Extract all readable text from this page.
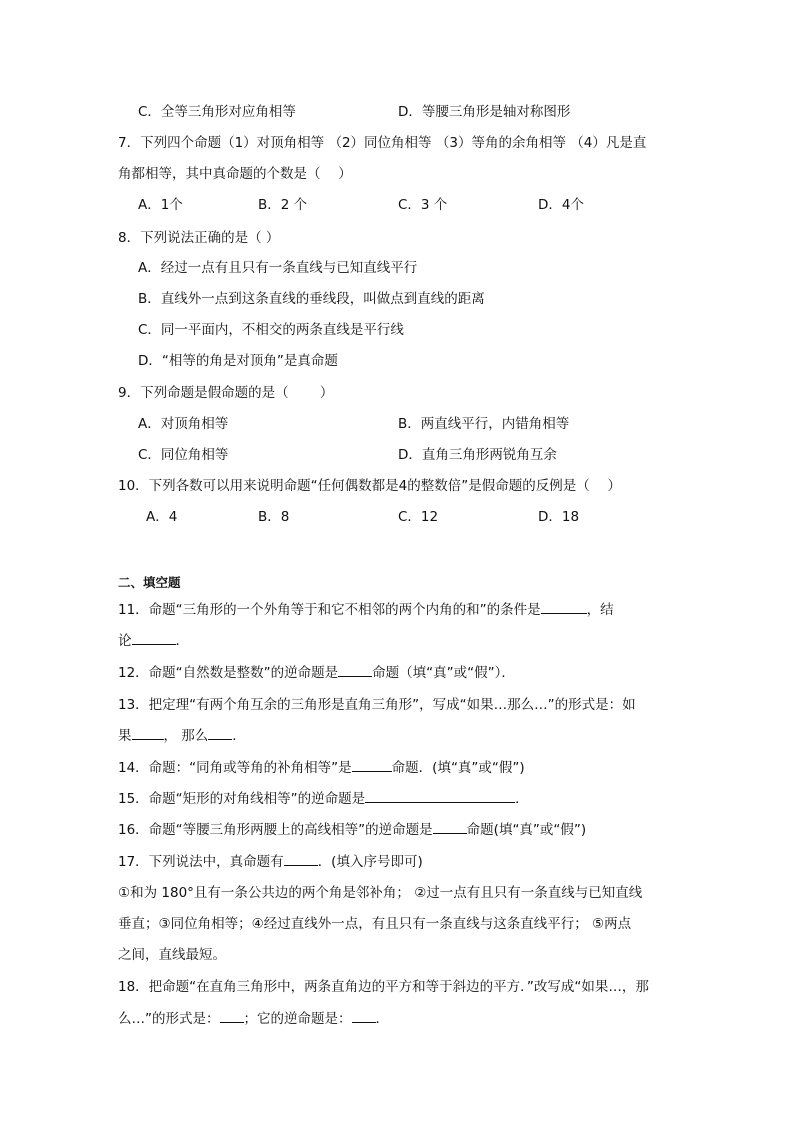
C．全等三角形对应角相等	D．等腰三角形是轴对称图形
7．下列四个命题（1）对顶角相等 （2）同位角相等 （3）等角的余角相等 （4）凡是直
角都相等，其中真命题的个数是（　 ）
A．1个	B．2 个	C．3 个	D．4个
8．下列说法正确的是（ ）
A．经过一点有且只有一条直线与已知直线平行
B．直线外一点到这条直线的垂线段，叫做点到直线的距离
C．同一平面内，不相交的两条直线是平行线
D．“相等的角是对顶角”是真命题
9．下列命题是假命题的是（　　 ）
A．对顶角相等	B．两直线平行，内错角相等
C．同位角相等	D．直角三角形两锐角互余
10．下列各数可以用来说明命题“任何偶数都是4的整数倍”是假命题的反例是（　 ）
A．4	B．8	C．12	D．18
二、填空题
11．命题“三角形的一个外角等于和它不相邻的两个内角的和”的条件是	，结
论	．
12．命题“自然数是整数”的逆命题是	命题（填“真”或“假”）．
13．把定理“有两个角互余的三角形是直角三角形”，写成“如果…那么…”的形式是：如
果 ， 那么 ．
14．命题：“同角或等角的补角相等”是	命题．(填“真”或“假”)
15．命题“矩形的对角线相等”的逆命题是	．
16．命题“等腰三角形两腰上的高线相等”的逆命题是	命题(填“真”或“假”)
17．下列说法中，真命题有	．(填入序号即可)
①和为 180°且有一条公共边的两个角是邻补角； ②过一点有且只有一条直线与已知直线
垂直；③同位角相等；④经过直线外一点，有且只有一条直线与这条直线平行； ⑤两点
之间，直线最短。
18．把命题“在直角三角形中，两条直角边的平方和等于斜边的平方．”改写成“如果…，那
么…”的形式是： ；它的逆命题是： ．
